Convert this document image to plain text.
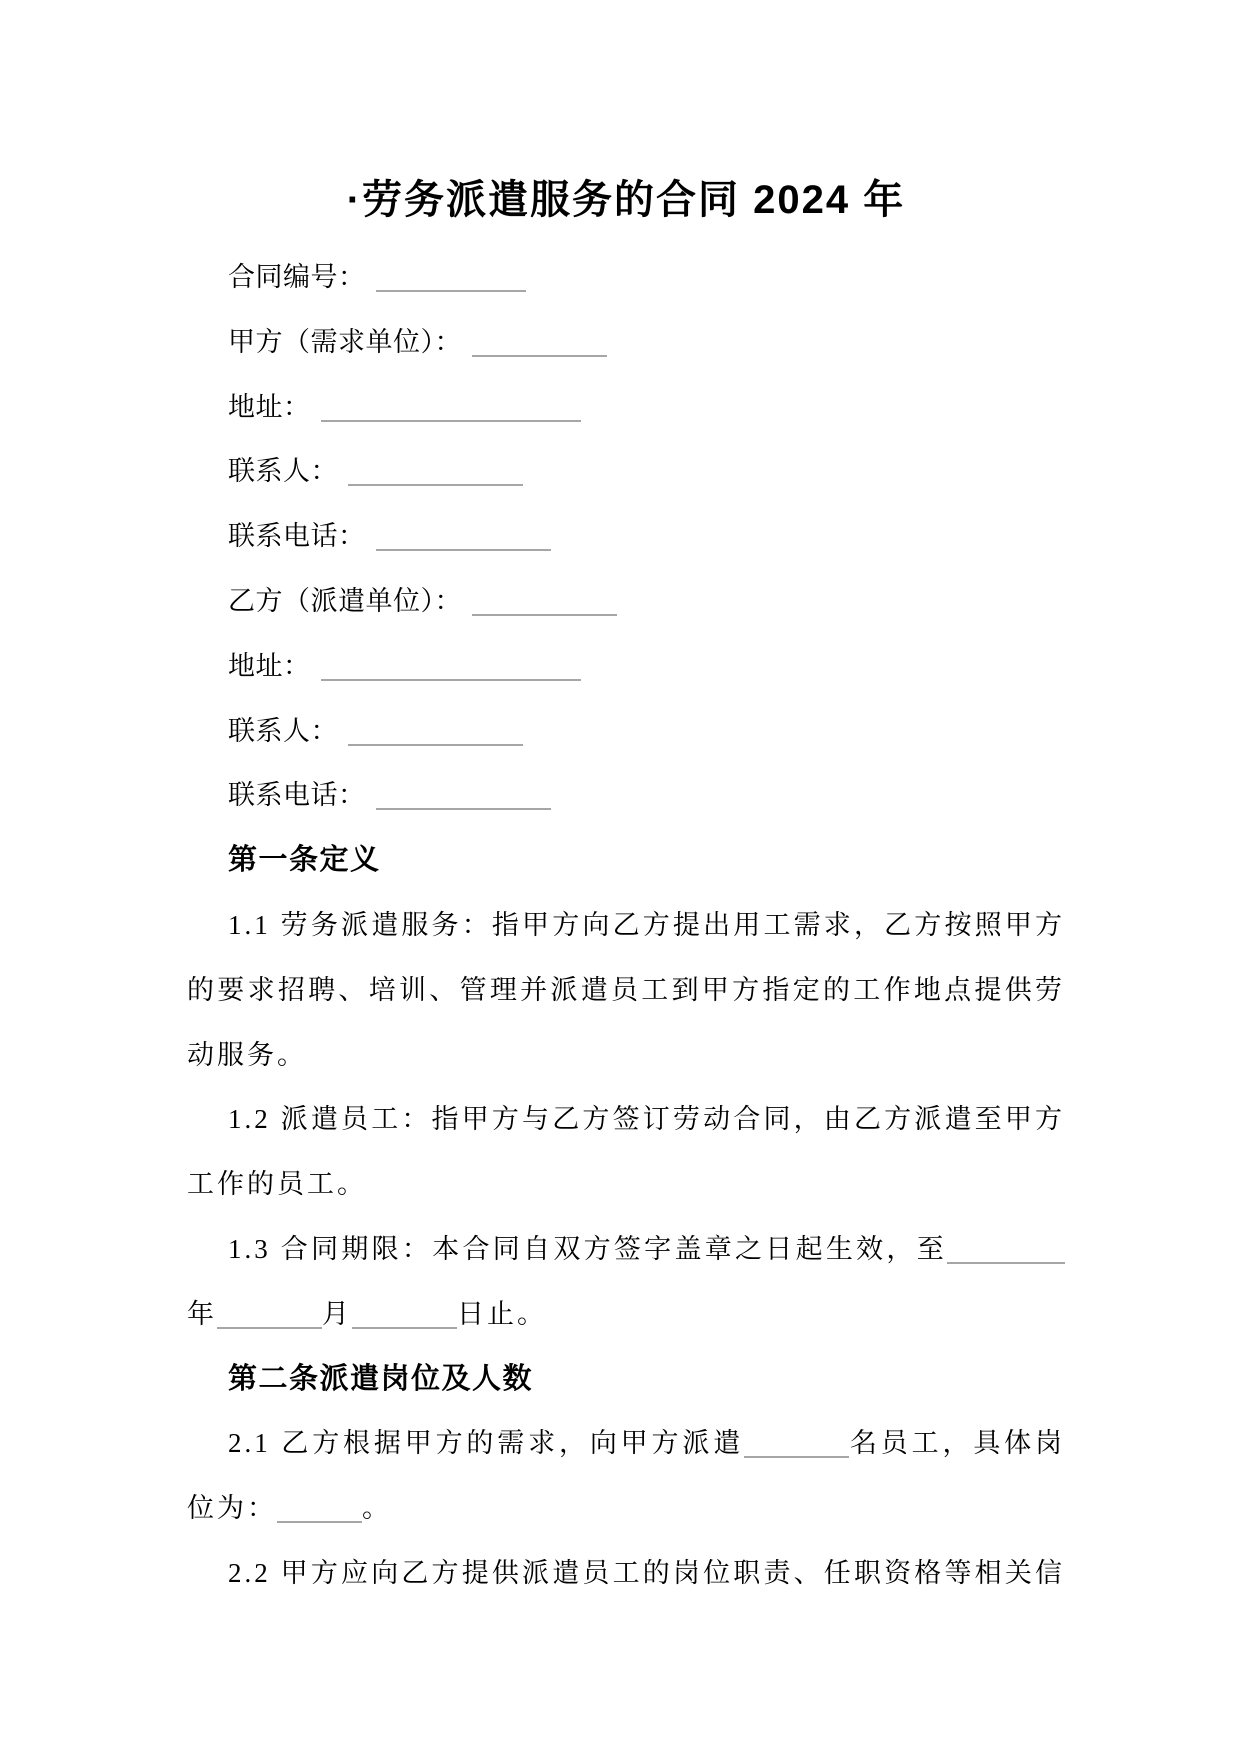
·劳务派遣服务的合同 2024 年
合同编号：
甲方（需求单位）：
地址：
联系人：
联系电话：
乙方（派遣单位）：
地址：
联系人：
联系电话：
第一条定义
1.1 劳务派遣服务：指甲方向乙方提出用工需求，乙方按照甲方
的要求招聘、培训、管理并派遣员工到甲方指定的工作地点提供劳
动服务。
1.2 派遣员工：指甲方与乙方签订劳动合同，由乙方派遣至甲方
工作的员工。
1.3 合同期限：本合同自双方签字盖章之日起生效，至
年	月	日止。
第二条派遣岗位及人数
2.1 乙方根据甲方的需求，向甲方派遣	名员工，具体岗
位为：	。
2.2 甲方应向乙方提供派遣员工的岗位职责、任职资格等相关信
